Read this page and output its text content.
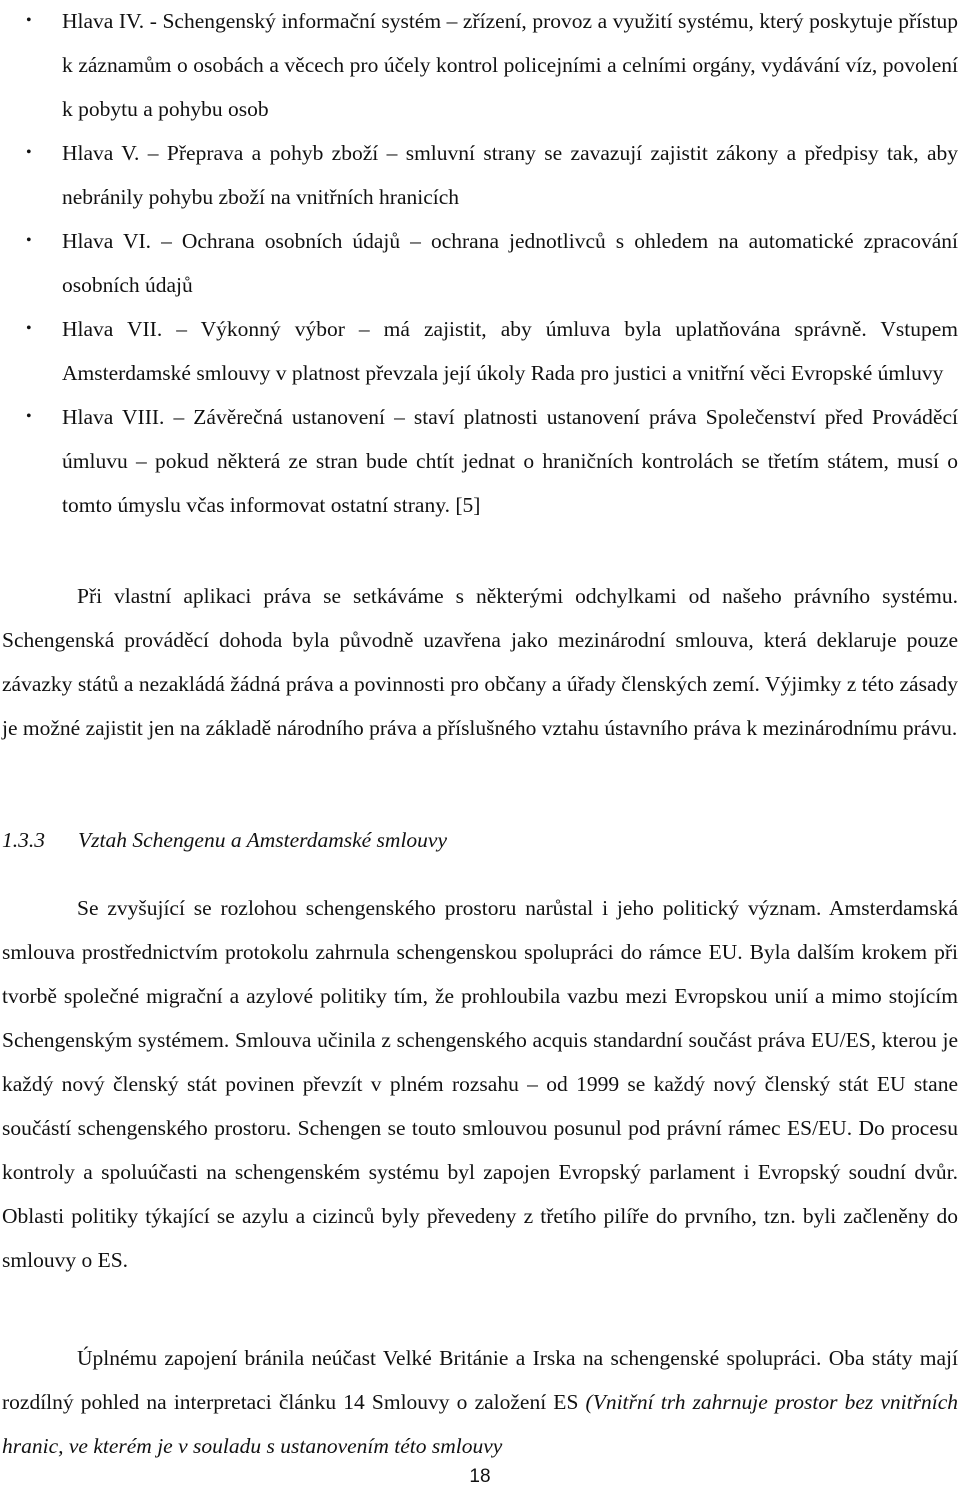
• Hlava IV. - Schengenský informační systém – zřízení, provoz a využití systému, který poskytuje přístup k záznamům o osobách a věcech pro účely kontrol policejními a celními orgány, vydávání víz, povolení k pobytu a pohybu osob
• Hlava V. – Přeprava a pohyb zboží – smluvní strany se zavazují zajistit zákony a předpisy tak, aby nebránily pohybu zboží na vnitřních hranicích
• Hlava VI. – Ochrana osobních údajů – ochrana jednotlivců s ohledem na automatické zpracování osobních údajů
• Hlava VII. – Výkonný výbor – má zajistit, aby úmluva byla uplatňována správně. Vstupem Amsterdamské smlouvy v platnost převzala její úkoly Rada pro justici a vnitřní věci Evropské úmluvy
• Hlava VIII. – Závěrečná ustanovení – staví platnosti ustanovení práva Společenství před Prováděcí úmluvu – pokud některá ze stran bude chtít jednat o hraničních kontrolách se třetím státem, musí o tomto úmyslu včas informovat ostatní strany. [5]

Při vlastní aplikaci práva se setkáváme s některými odchylkami od našeho právního systému. Schengenská prováděcí dohoda byla původně uzavřena jako mezinárodní smlouva, která deklaruje pouze závazky států a nezakládá žádná práva a povinnosti pro občany a úřady členských zemí. Výjimky z této zásady je možné zajistit jen na základě národního práva a příslušného vztahu ústavního práva k mezinárodnímu právu.

1.3.3 Vztah Schengenu a Amsterdamské smlouvy

Se zvyšující se rozlohou schengenského prostoru narůstal i jeho politický význam. Amsterdamská smlouva prostřednictvím protokolu zahrnula schengenskou spolupráci do rámce EU. Byla dalším krokem při tvorbě společné migrační a azylové politiky tím, že prohloubila vazbu mezi Evropskou unií a mimo stojícím Schengenským systémem. Smlouva učinila z schengenského acquis standardní součást práva EU/ES, kterou je každý nový členský stát povinen převzít v plném rozsahu – od 1999 se každý nový členský stát EU stane součástí schengenského prostoru. Schengen se touto smlouvou posunul pod právní rámec ES/EU. Do procesu kontroly a spoluúčasti na schengenském systému byl zapojen Evropský parlament i Evropský soudní dvůr. Oblasti politiky týkající se azylu a cizinců byly převedeny z třetího pilíře do prvního, tzn. byli začleněny do smlouvy o ES.

Úplnému zapojení bránila neúčast Velké Británie a Irska na schengenské spolupráci. Oba státy mají rozdílný pohled na interpretaci článku 14 Smlouvy o založení ES (Vnitřní trh zahrnuje prostor bez vnitřních hranic, ve kterém je v souladu s ustanovením této smlouvy

18
